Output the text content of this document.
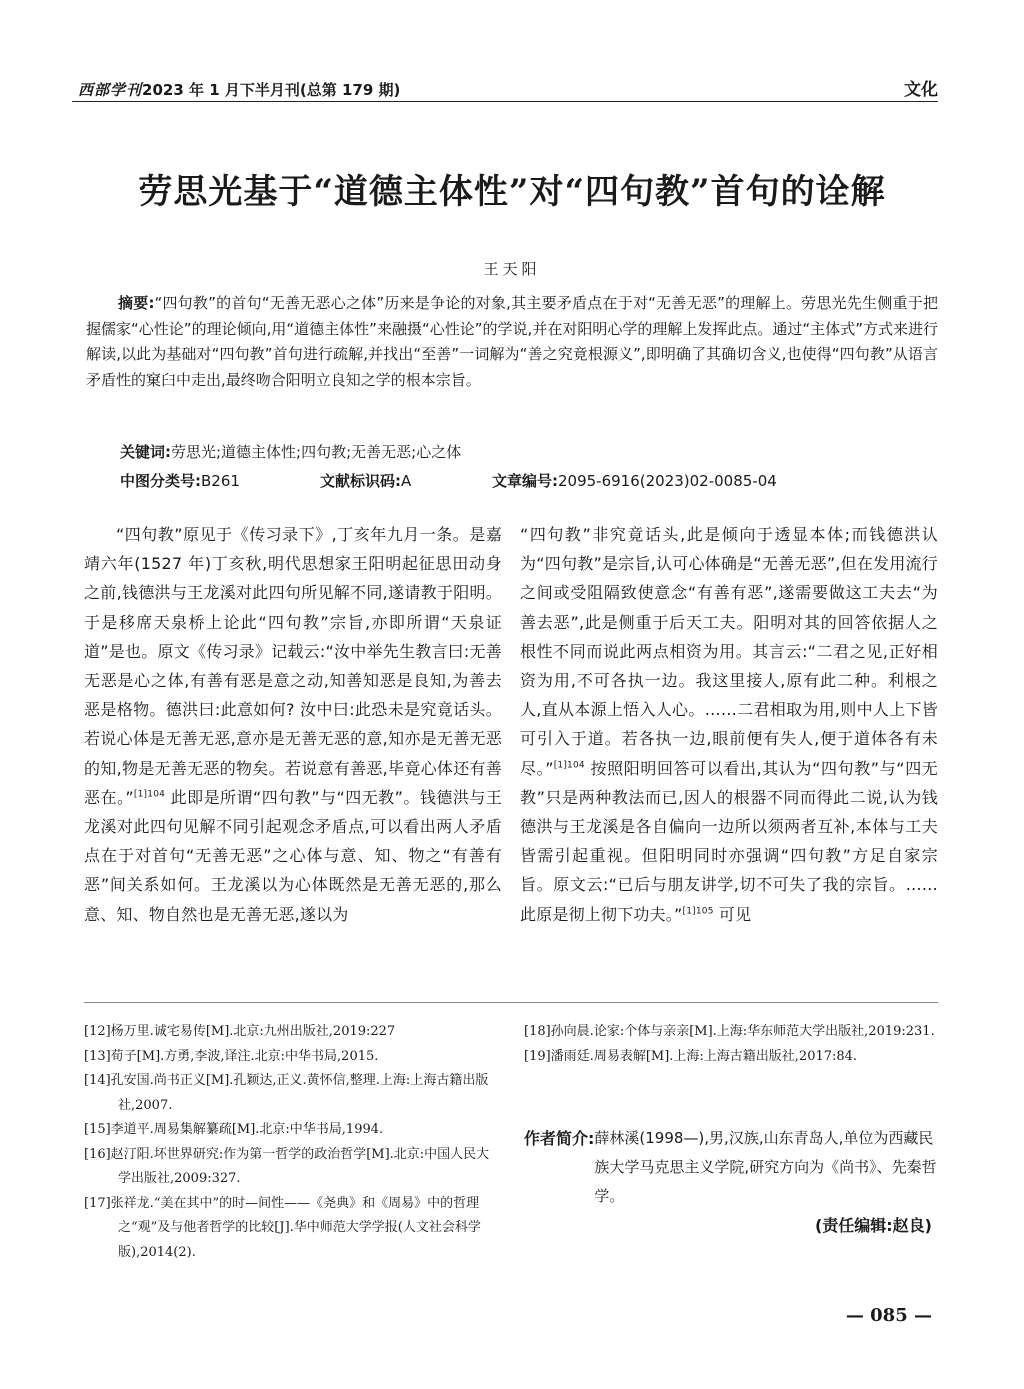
西部学刊2023 年 1 月下半月刊(总第 179 期)	文化
劳思光基于“道德主体性”对“四句教”首句的诠解
王天阳
摘要:“四句教”的首句“无善无恶心之体”历来是争论的对象,其主要矛盾点在于对“无善无恶”的理解上。劳思光先生侧重于把握儒家“心性论”的理论倾向,用“道德主体性”来融摄“心性论”的学说,并在对阳明心学的理解上发挥此点。通过“主体式”方式来进行解读,以此为基础对“四句教”首句进行疏解,并找出“至善”一词解为“善之究竟根源义”,即明确了其确切含义,也使得“四句教”从语言矛盾性的窠臼中走出,最终吻合阳明立良知之学的根本宗旨。
关键词:劳思光;道德主体性;四句教;无善无恶;心之体
中图分类号:B261	文献标识码:A	文章编号:2095-6916(2023)02-0085-04
“四句教”原见于《传习录下》,丁亥年九月一条。是嘉靖六年(1527 年)丁亥秋,明代思想家王阳明起征思田动身之前,钱德洪与王龙溪对此四句所见解不同,遂请教于阳明。于是移席天泉桥上论此“四句教”宗旨,亦即所谓“天泉证道”是也。原文《传习录》记载云:“汝中举先生教言曰:无善无恶是心之体,有善有恶是意之动,知善知恶是良知,为善去恶是格物。德洪曰:此意如何? 汝中曰:此恐未是究竟话头。若说心体是无善无恶,意亦是无善无恶的意,知亦是无善无恶的知,物是无善无恶的物矣。若说意有善恶,毕竟心体还有善恶在。”$^{[1]104}$ 此即是所谓“四句教”与“四无教”。钱德洪与王龙溪对此四句见解不同引起观念矛盾点,可以看出两人矛盾点在于对首句“无善无恶”之心体与意、知、物之“有善有恶”间关系如何。王龙溪以为心体既然是无善无恶的,那么意、知、物自然也是无善无恶,遂以为
“四句教”非究竟话头,此是倾向于透显本体;而钱德洪认为“四句教”是宗旨,认可心体确是“无善无恶”,但在发用流行之间或受阻隔致使意念“有善有恶”,遂需要做这工夫去“为善去恶”,此是侧重于后天工夫。阳明对其的回答依据人之根性不同而说此两点相资为用。其言云:“二君之见,正好相资为用,不可各执一边。我这里接人,原有此二种。利根之人,直从本源上悟入人心。……二君相取为用,则中人上下皆可引入于道。若各执一边,眼前便有失人,便于道体各有未尽。”$^{[1]104}$ 按照阳明回答可以看出,其认为“四句教”与“四无教”只是两种教法而已,因人的根器不同而得此二说,认为钱德洪与王龙溪是各自偏向一边所以须两者互补,本体与工夫皆需引起重视。但阳明同时亦强调“四句教”方足自家宗旨。原文云:“已后与朋友讲学,切不可失了我的宗旨。……此原是彻上彻下功夫。”$^{[1]105}$ 可见
[12]杨万里.诚宅易传[M].北京:九州出版社,2019:227
[13]荀子[M].方勇,李波,译注.北京:中华书局,2015.
[14]孔安国.尚书正义[M].孔颖达,正义.黄怀信,整理.上海:上海古籍出版社,2007.
[15]李道平.周易集解纂疏[M].北京:中华书局,1994.
[16]赵汀阳.坏世界研究:作为第一哲学的政治哲学[M].北京:中国人民大学出版社,2009:327.
[17]张祥龙.“美在其中”的时—间性——《尧典》和《周易》中的哲理之“观”及与他者哲学的比较[J].华中师范大学学报(人文社会科学版),2014(2).
[18]孙向晨.论家:个体与亲亲[M].上海:华东师范大学出版社,2019:231.
[19]潘雨廷.周易表解[M].上海:上海古籍出版社,2017:84.
作者简介: 薛林溪(1998—),男,汉族,山东青岛人,单位为西藏民族大学马克思主义学院,研究方向为《尚书》、先秦哲学。
(责任编辑:赵良)
— 085 —
